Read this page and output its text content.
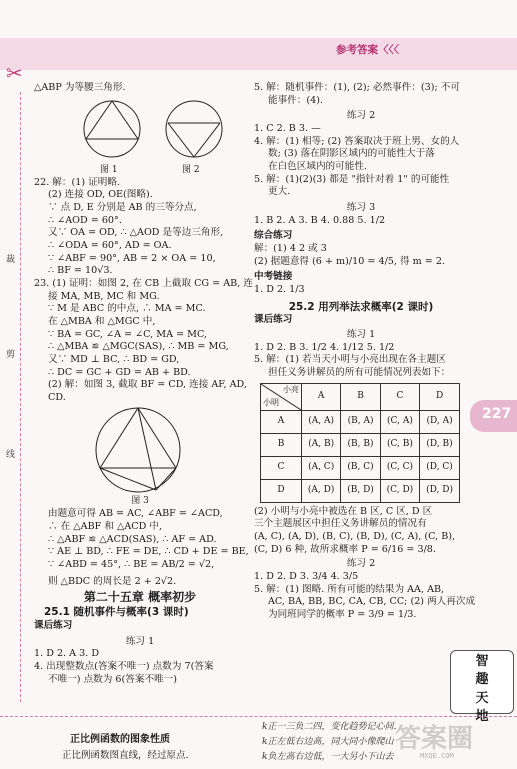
参考答案〈〈〈
✂
裁
剪
线

△ABP 为等腰三角形.

图 1	图 2

22. 解：(1) 证明略.

(2) 连接 OD, OE(图略).

∵ 点 D, E 分别是 AB 的三等分点,

∴ ∠AOD = 60°.

又∵ OA = OD, ∴ △AOD 是等边三角形,

∴ ∠ODA = 60°, AD = OA.

∵ ∠ABF = 90°, AB = 2 × OA = 10,

∴ BF = 10√3.

23. (1) 证明：如图 2, 在 CB 上截取 CG = AB, 连

接 MA, MB, MC 和 MG.

∵ M 是 ABC 的中点, ∴ MA = MC.

在 △MBA 和 △MGC 中,

∵ BA = GC, ∠A = ∠C, MA = MC,

∴ △MBA ≌ △MGC(SAS), ∴ MB = MG,

又∵ MD ⊥ BC, ∴ BD = GD,

∴ DC = GC + GD = AB + BD.

(2) 解：如图 3, 截取 BF = CD, 连接 AF, AD,

CD.

图 3

由题意可得 AB = AC, ∠ABF = ∠ACD,

∴ 在 △ABF 和 △ACD 中,

∴ △ABF ≌ △ACD(SAS), ∴ AF = AD.

∵ AE ⊥ BD, ∴ FE = DE, ∴ CD + DE = BE,

∵ ∠ABD = 45°, ∴ BE = AB/2 = √2,

则 △BDC 的周长是 2 + 2√2.

第二十五章 概率初步

25.1 随机事件与概率(3 课时)

课后练习

练习 1

1. D 2. A 3. D

4. 出现整数点(答案不唯一) 点数为 7(答案

不唯一) 点数为 6(答案不唯一)

5. 解：随机事件：(1), (2); 必然事件：(3); 不可

能事件：(4).

练习 2

1. C 2. B 3. —

4. 解：(1) 相等; (2) 答案取决于班上男、女的人

数; (3) 落在阴影区域内的可能性大于落

在白色区域内的可能性.

5. 解：(1)(2)(3) 都是 "指针对着 1" 的可能性

更大.

练习 3

1. B 2. A 3. B 4. 0.88 5. 1/2

综合练习

解：(1) 4 2 或 3

(2) 据题意得 (6 + m)/10 = 4/5, 得 m = 2.

中考链接

1. D 2. 1/3

25.2 用列举法求概率(2 课时)

课后练习

练习 1

1. D 2. B 3. 1/2 4. 1/12 5. 1/2

5. 解：(1) 若当天小明与小亮出现在各主题区

担任义务讲解员的所有可能情况列表如下：

小亮
小明	A	B	C	D
A	(A, A)	(B, A)	(C, A)	(D, A)
B	(A, B)	(B, B)	(C, B)	(D, B)
C	(A, C)	(B, C)	(C, C)	(D, C)
D	(A, D)	(B, D)	(C, D)	(D, D)

(2) 小明与小亮中被选在 B 区, C 区, D 区

三个主题展区中担任义务讲解员的情况有

(A, C), (A, D), (B, C), (B, D), (C, A), (C, B),

(C, D) 6 种, 故所求概率 P = 6/16 = 3/8.

练习 2

1. D 2. D 3. 3/4 4. 3/5

5. 解：(1) 图略. 所有可能的结果为 AA, AB,

AC, BA, BB, BC, CA, CB, CC; (2) 两人再次成

为同班同学的概率 P = 3/9 = 1/3.

227
智
趣
天
地
正比例函数的图象性质
正比例函数图直线，经过原点．
k正一三负二四，变化趋势记心间．
k正左低右边高，同大同小像爬山
k负左高右边低，一大另小下山去
答案圈
MXQE.COM
